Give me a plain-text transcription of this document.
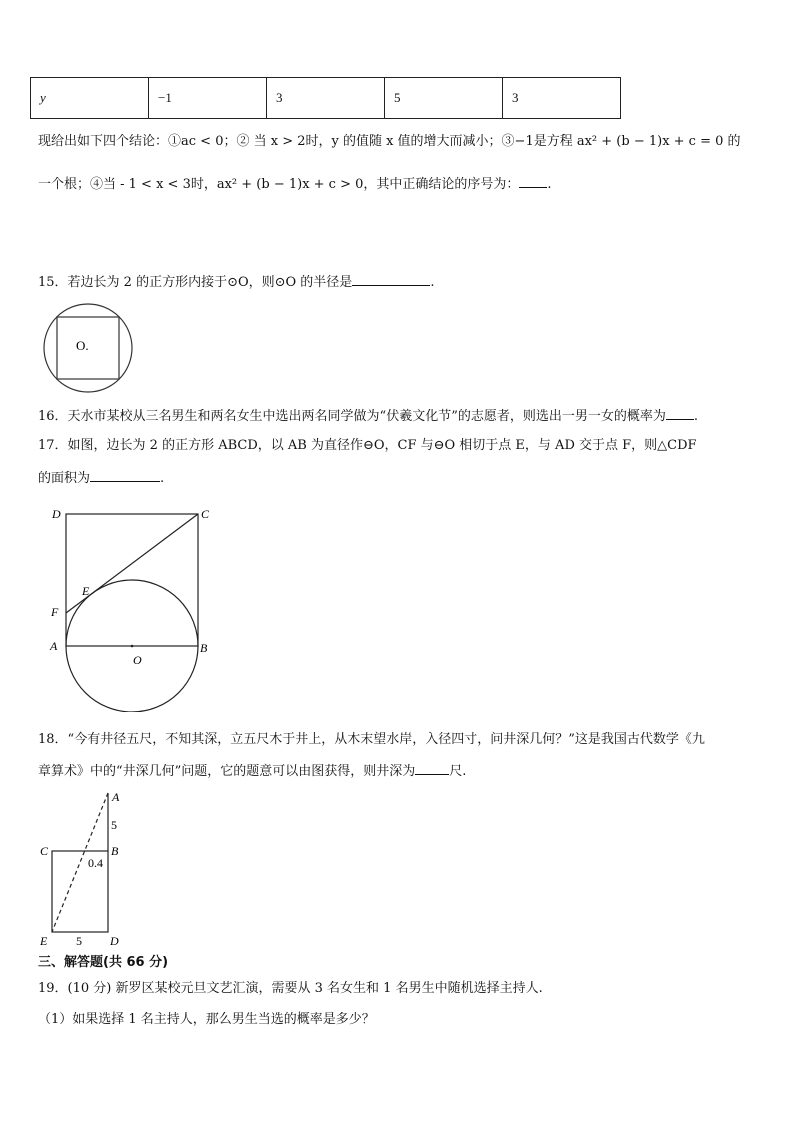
y	−1	3	5	3
现给出如下四个结论：①ac < 0；② 当 x > 2时，y 的值随 x 值的增大而减小；③−1是方程 ax² + (b − 1)x + c = 0 的
一个根；④当 - 1 < x < 3时，ax² + (b − 1)x + c > 0，其中正确结论的序号为： .
15．若边长为 2 的正方形内接于⊙O，则⊙O 的半径是	.
O.
16．天水市某校从三名男生和两名女生中选出两名同学做为“伏羲文化节”的志愿者，则选出一男一女的概率为 .
17．如图，边长为 2 的正方形 ABCD，以 AB 为直径作⊖O，CF 与⊖O 相切于点 E，与 AD 交于点 F，则△CDF
的面积为	.
D	C
E
F
A	B
O
18．“今有井径五尺，不知其深，立五尺木于井上，从木末望水岸，入径四寸，问井深几何？”这是我国古代数学《九
章算术》中的“井深几何”问题，它的题意可以由图获得，则井深为	尺.
A
5
C	B
0.4
E 5 D
三、解答题(共 66 分)
19．(10 分) 新罗区某校元旦文艺汇演，需要从 3 名女生和 1 名男生中随机选择主持人.
（1）如果选择 1 名主持人，那么男生当选的概率是多少？
